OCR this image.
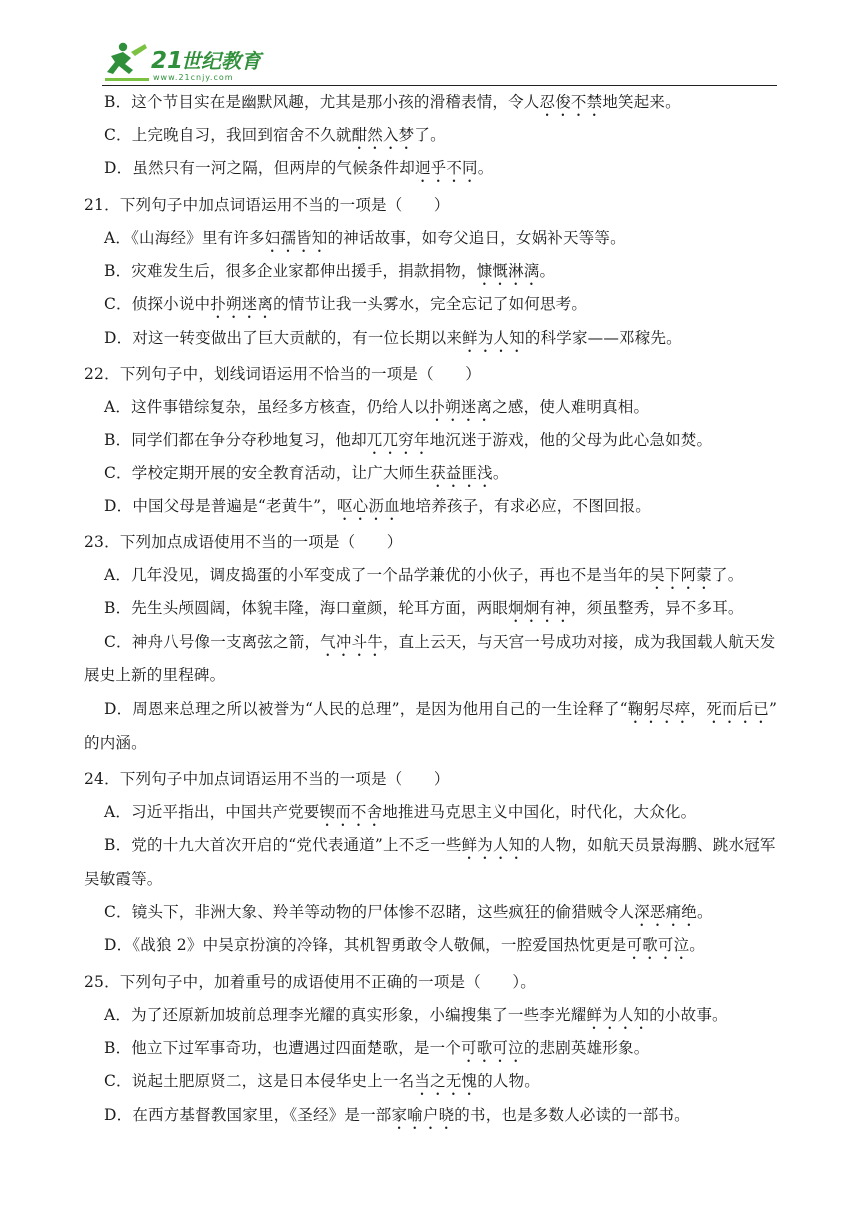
21
世纪教育
www.21cnjy.com
B．这个节目实在是幽默风趣，尤其是那小孩的滑稽表情，令人忍俊不禁地笑起来。
C．上完晚自习，我回到宿舍不久就酣然入梦了。
D．虽然只有一河之隔，但两岸的气候条件却迥乎不同。
21．下列句子中加点词语运用不当的一项是（　　）
A．《山海经》里有许多妇孺皆知的神话故事，如夸父追日，女娲补天等等。
B．灾难发生后，很多企业家都伸出援手，捐款捐物，慷慨淋漓。
C．侦探小说中扑朔迷离的情节让我一头雾水，完全忘记了如何思考。
D．对这一转变做出了巨大贡献的，有一位长期以来鲜为人知的科学家——邓稼先。
22．下列句子中，划线词语运用不恰当的一项是（　　）
A．这件事错综复杂，虽经多方核查，仍给人以扑朔迷离之感，使人难明真相。
B．同学们都在争分夺秒地复习，他却兀兀穷年地沉迷于游戏，他的父母为此心急如焚。
C．学校定期开展的安全教育活动，让广大师生获益匪浅。
D．中国父母是普遍是“老黄牛”，呕心沥血地培养孩子，有求必应，不图回报。
23．下列加点成语使用不当的一项是（　　）
A．几年没见，调皮捣蛋的小军变成了一个品学兼优的小伙子，再也不是当年的吴下阿蒙了。
B．先生头颅圆阔，体貌丰隆，海口童颜，轮耳方面，两眼炯炯有神，须虽整秀，异不多耳。
C．神舟八号像一支离弦之箭，气冲斗牛，直上云天，与天宫一号成功对接，成为我国载人航天发
展史上新的里程碑。
D．周恩来总理之所以被誉为“人民的总理”，是因为他用自己的一生诠释了“鞠躬尽瘁，死而后已”
的内涵。
24．下列句子中加点词语运用不当的一项是（　　）
A．习近平指出，中国共产党要锲而不舍地推进马克思主义中国化，时代化，大众化。
B．党的十九大首次开启的“党代表通道”上不乏一些鲜为人知的人物，如航天员景海鹏、跳水冠军
吴敏霞等。
C．镜头下，非洲大象、羚羊等动物的尸体惨不忍睹，这些疯狂的偷猎贼令人深恶痛绝。
D．《战狼 2》中吴京扮演的冷锋，其机智勇敢令人敬佩，一腔爱国热忱更是可歌可泣。
25．下列句子中，加着重号的成语使用不正确的一项是（　　）。
A．为了还原新加坡前总理李光耀的真实形象，小编搜集了一些李光耀鲜为人知的小故事。
B．他立下过军事奇功，也遭遇过四面楚歌，是一个可歌可泣的悲剧英雄形象。
C．说起土肥原贤二，这是日本侵华史上一名当之无愧的人物。
D．在西方基督教国家里，《圣经》是一部家喻户晓的书，也是多数人必读的一部书。
